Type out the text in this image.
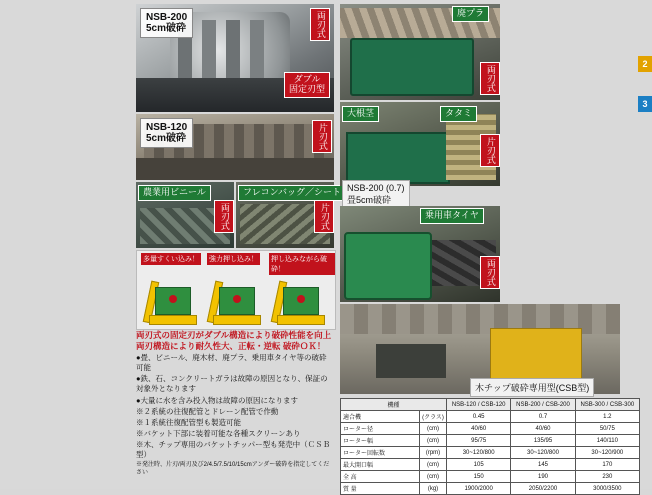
NSB-200
5cm破砕	両刃式
ダブル
固定刃型
NSB-120
5cm破砕	片刃式
農業用ビニール
両刃式
フレコンバッグ／シート
片刃式
多量すくい込み！ 強力押し込み！ 押し込みながら破砕！
両刃式の固定刃がダブル構造により破砕性能を向上
両刃構造により耐久性大、正転・逆転 破砕ＯＫ！
●畳、ビニール、廃木材、廃プラ、乗用車タイヤ等の破砕可能
●鉄、石、コンクリートガラは故障の原因となり、保証の対象外となります
●大量に水を含み投入物は故障の原因になります
※２系統の往復配管とドレーン配管で作動
※１系統往復配管型も製造可能
※バケット下部に装着可能な各種スクリーンあり
※木、チップ専用のバケットチッパー型も発売中（ＣＳＢ型）
※発注時、片刃/両刃及び2/4.5/7.5/10/15cmアンダー破砕を指定してください
廃プラ
両刃式
大根茎	タタミ
片刃式
NSB-200 (0.7)
畳5cm破砕
乗用車タイヤ
両刃式
木チップ破砕専用型(CSB型)
2
3
機種		NSB-120 / CSB-120	NSB-200 / CSB-200	NSB-300 / CSB-300
適合機	(クラス)	0.45	0.7	1.2
ローター径	(cm)	40/60	40/60	50/75
ローター幅	(cm)	95/75	135/95	140/110
ローター回転数	(rpm)	30~120/800	30~120/800	30~120/900
最大開口幅	(cm)	105	145	170
全 高	(cm)	150	190	230
質 量	(kg)	1900/2000	2050/2200	3000/3500
